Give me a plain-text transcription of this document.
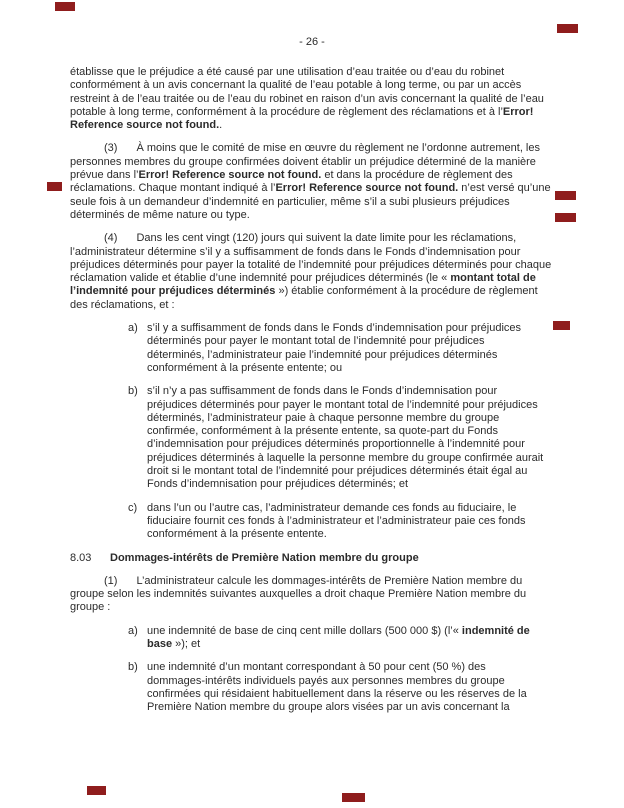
- 26 -
établisse que le préjudice a été causé par une utilisation d’eau traitée ou d’eau du robinet conformément à un avis concernant la qualité de l’eau potable à long terme, ou par un accès restreint à de l’eau traitée ou de l’eau du robinet en raison d’un avis concernant la qualité de l’eau potable à long terme, conformément à la procédure de règlement des réclamations et à l’Error! Reference source not found..
(3) À moins que le comité de mise en œuvre du règlement ne l’ordonne autrement, les personnes membres du groupe confirmées doivent établir un préjudice déterminé de la manière prévue dans l’Error! Reference source not found. et dans la procédure de règlement des réclamations. Chaque montant indiqué à l’Error! Reference source not found. n’est versé qu’une seule fois à un demandeur d’indemnité en particulier, même s’il a subi plusieurs préjudices déterminés de même nature ou type.
(4) Dans les cent vingt (120) jours qui suivent la date limite pour les réclamations, l’administrateur détermine s’il y a suffisamment de fonds dans le Fonds d’indemnisation pour préjudices déterminés pour payer la totalité de l’indemnité pour préjudices déterminés pour chaque réclamation valide et établie d’une indemnité pour préjudices déterminés (le « montant total de l’indemnité pour préjudices déterminés ») établie conformément à la procédure de règlement des réclamations, et :
a) s’il y a suffisamment de fonds dans le Fonds d’indemnisation pour préjudices déterminés pour payer le montant total de l’indemnité pour préjudices déterminés, l’administrateur paie l’indemnité pour préjudices déterminés conformément à la présente entente; ou
b) s’il n’y a pas suffisamment de fonds dans le Fonds d’indemnisation pour préjudices déterminés pour payer le montant total de l’indemnité pour préjudices déterminés, l’administrateur paie à chaque personne membre du groupe confirmée, conformément à la présente entente, sa quote-part du Fonds d’indemnisation pour préjudices déterminés proportionnelle à l’indemnité pour préjudices déterminés à laquelle la personne membre du groupe confirmée aurait droit si le montant total de l’indemnité pour préjudices déterminés était égal au Fonds d’indemnisation pour préjudices déterminés; et
c) dans l’un ou l’autre cas, l’administrateur demande ces fonds au fiduciaire, le fiduciaire fournit ces fonds à l’administrateur et l’administrateur paie ces fonds conformément à la présente entente.
8.03	Dommages-intérêts de Première Nation membre du groupe
(1) L’administrateur calcule les dommages-intérêts de Première Nation membre du groupe selon les indemnités suivantes auxquelles a droit chaque Première Nation membre du groupe :
a) une indemnité de base de cinq cent mille dollars (500 000 $) (l’« indemnité de base »); et
b) une indemnité d’un montant correspondant à 50 pour cent (50 %) des dommages-intérêts individuels payés aux personnes membres du groupe confirmées qui résidaient habituellement dans la réserve ou les réserves de la Première Nation membre du groupe alors visées par un avis concernant la
